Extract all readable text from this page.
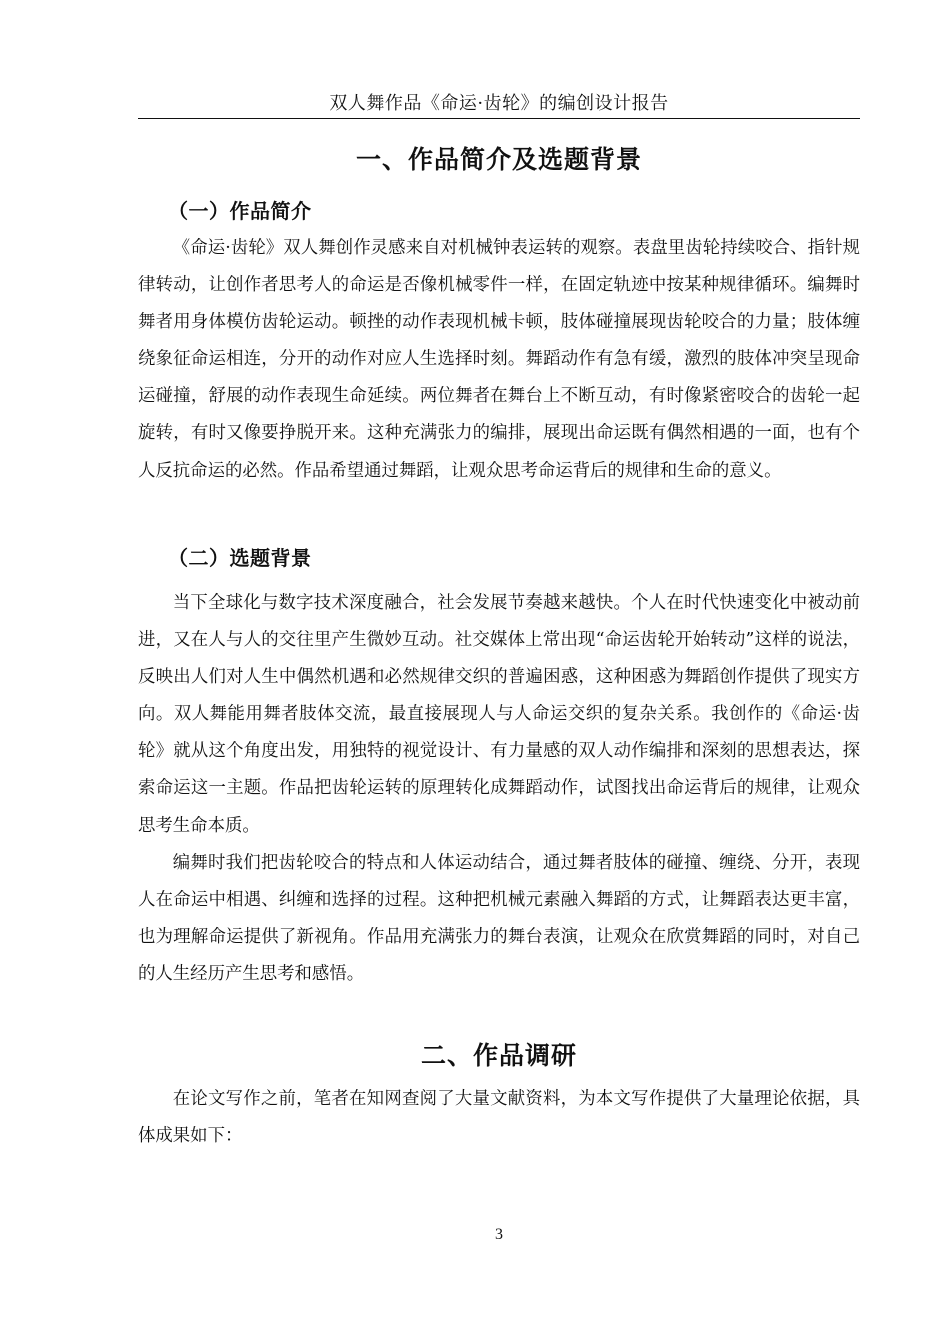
双人舞作品《命运·齿轮》的编创设计报告
一、作品简介及选题背景
（一）作品简介

《命运·齿轮》双人舞创作灵感来自对机械钟表运转的观察。表盘里齿轮持续咬合、指针规律转动，让创作者思考人的命运是否像机械零件一样，在固定轨迹中按某种规律循环。编舞时舞者用身体模仿齿轮运动。顿挫的动作表现机械卡顿，肢体碰撞展现齿轮咬合的力量；肢体缠绕象征命运相连，分开的动作对应人生选择时刻。舞蹈动作有急有缓，激烈的肢体冲突呈现命运碰撞，舒展的动作表现生命延续。两位舞者在舞台上不断互动，有时像紧密咬合的齿轮一起旋转，有时又像要挣脱开来。这种充满张力的编排，展现出命运既有偶然相遇的一面，也有个人反抗命运的必然。作品希望通过舞蹈，让观众思考命运背后的规律和生命的意义。

（二）选题背景

当下全球化与数字技术深度融合，社会发展节奏越来越快。个人在时代快速变化中被动前进，又在人与人的交往里产生微妙互动。社交媒体上常出现“命运齿轮开始转动”这样的说法，反映出人们对人生中偶然机遇和必然规律交织的普遍困惑，这种困惑为舞蹈创作提供了现实方向。双人舞能用舞者肢体交流，最直接展现人与人命运交织的复杂关系。我创作的《命运·齿轮》就从这个角度出发，用独特的视觉设计、有力量感的双人动作编排和深刻的思想表达，探索命运这一主题。作品把齿轮运转的原理转化成舞蹈动作，试图找出命运背后的规律，让观众思考生命本质。

编舞时我们把齿轮咬合的特点和人体运动结合，通过舞者肢体的碰撞、缠绕、分开，表现人在命运中相遇、纠缠和选择的过程。这种把机械元素融入舞蹈的方式，让舞蹈表达更丰富，也为理解命运提供了新视角。作品用充满张力的舞台表演，让观众在欣赏舞蹈的同时，对自己的人生经历产生思考和感悟。

二、作品调研

在论文写作之前，笔者在知网查阅了大量文献资料，为本文写作提供了大量理论依据，具体成果如下：

3
